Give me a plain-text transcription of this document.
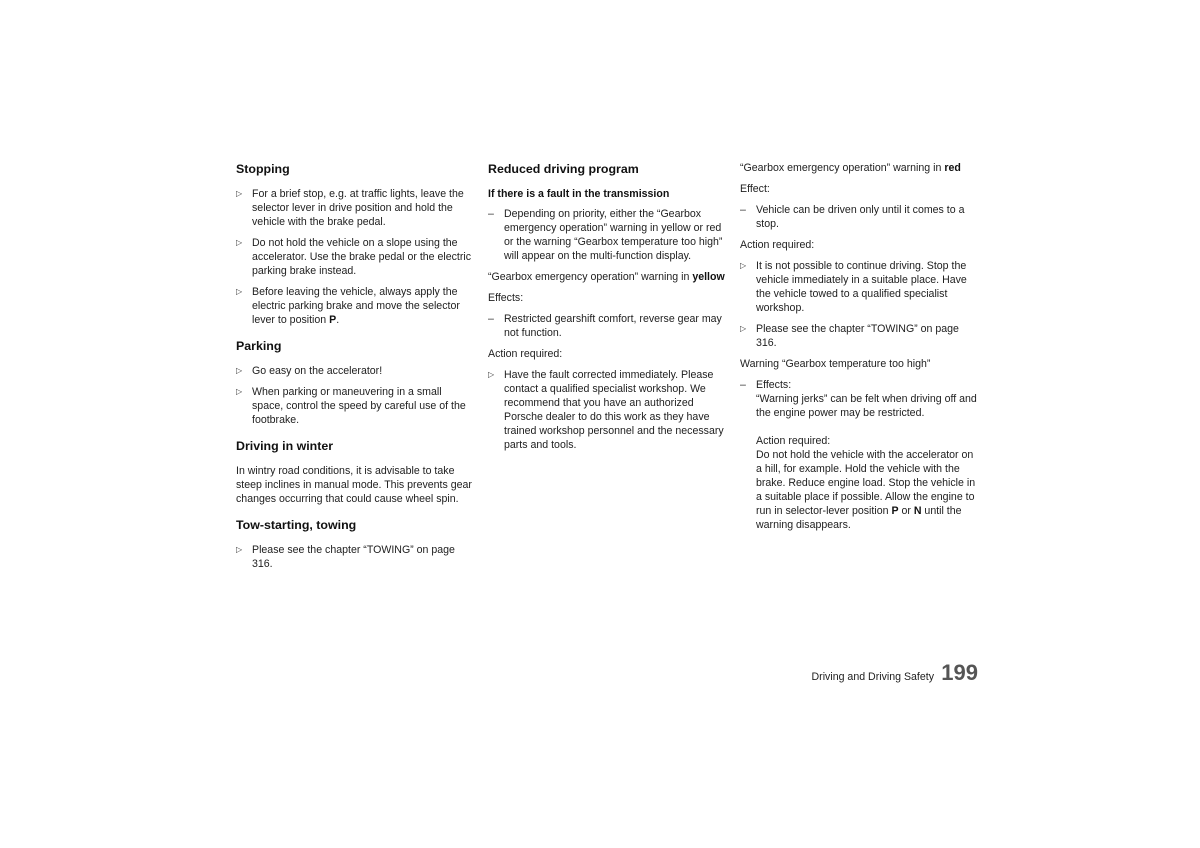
Stopping
▷ For a brief stop, e.g. at traffic lights, leave the selector lever in drive position and hold the vehicle with the brake pedal.
▷ Do not hold the vehicle on a slope using the accelerator. Use the brake pedal or the electric parking brake instead.
▷ Before leaving the vehicle, always apply the electric parking brake and move the selector lever to position P.
Parking
▷ Go easy on the accelerator!
▷ When parking or maneuvering in a small space, control the speed by careful use of the footbrake.
Driving in winter
In wintry road conditions, it is advisable to take steep inclines in manual mode. This prevents gear changes occurring that could cause wheel spin.
Tow-starting, towing
▷ Please see the chapter “TOWING” on page 316.
Reduced driving program
If there is a fault in the transmission
– Depending on priority, either the “Gearbox emergency operation” warning in yellow or red or the warning “Gearbox temperature too high” will appear on the multi-function display.
“Gearbox emergency operation” warning in yellow
Effects:
– Restricted gearshift comfort, reverse gear may not function.
Action required:
▷ Have the fault corrected immediately. Please contact a qualified specialist workshop. We recommend that you have an authorized Porsche dealer to do this work as they have trained workshop personnel and the necessary parts and tools.
“Gearbox emergency operation” warning in red
Effect:
– Vehicle can be driven only until it comes to a stop.
Action required:
▷ It is not possible to continue driving. Stop the vehicle immediately in a suitable place. Have the vehicle towed to a qualified specialist workshop.
▷ Please see the chapter “TOWING” on page 316.
Warning “Gearbox temperature too high”
– Effects:
“Warning jerks” can be felt when driving off and the engine power may be restricted.
Action required:
Do not hold the vehicle with the accelerator on a hill, for example. Hold the vehicle with the brake. Reduce engine load. Stop the vehicle in a suitable place if possible. Allow the engine to run in selector-lever position P or N until the warning disappears.
Driving and Driving Safety 199
